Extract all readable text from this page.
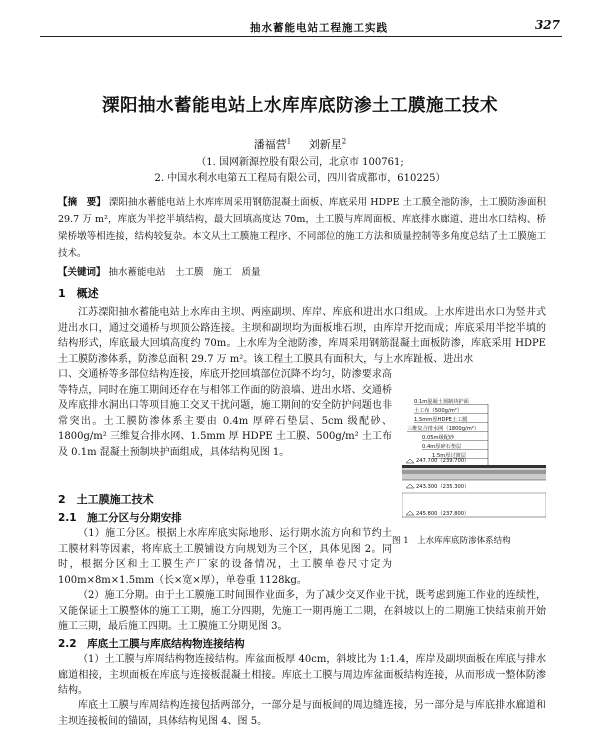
抽水蓄能电站工程施工实践	327
溧阳抽水蓄能电站上水库库底防渗土工膜施工技术
潘福营$^1$ 刘新星$^2$
（1. 国网新源控股有限公司，北京市 100761;
2. 中国水利水电第五工程局有限公司，四川省成都市，610225）
【摘　要】 溧阳抽水蓄能电站上水库库周采用钢筋混凝土面板、库底采用 HDPE 土工膜全池防渗，土工膜防渗面积 29.7 万 m²，库底为半挖半填结构，最大回填高度达 70m，土工膜与库周面板、库底排水廊道、进出水口结构、桥梁桥墩等相连接，结构较复杂。本文从土工膜施工程序、不同部位的施工方法和质量控制等多角度总结了土工膜施工技术。
【关键词】 抽水蓄能电站　土工膜　施工　质量
1　概述
江苏溧阳抽水蓄能电站上水库由主坝、两座副坝、库岸、库底和进出水口组成。上水库进出水口为竖井式进出水口，通过交通桥与坝顶公路连接。主坝和副坝均为面板堆石坝，由库岸开挖而成；库底采用半挖半填的结构形式，库底最大回填高度约 70m。上水库为全池防渗，库周采用钢筋混凝土面板防渗，库底采用 HDPE 土工膜防渗体系，防渗总面积 29.7 万 m²。该工程土工膜具有面积大，与上水库趾板、进出水
口、交通桥等多部位结构连接，库底开挖回填部位沉降不均匀，防渗要求高等特点，同时在施工期间还存在与相邻工作面的防浪墙、进出水塔、交通桥及库底排水洞出口等项目施工交叉干扰问题，施工期间的安全防护问题也非常突出。土工膜防渗体系主要由 0.4m 厚碎石垫层、5cm 级配砂、1800g/m² 三维复合排水网、1.5mm 厚 HDPE 土工膜、500g/m² 土工布及 0.1m 混凝土预制块护面组成，具体结构见图 1。
2　土工膜施工技术
2.1　施工分区与分期安排
（1）施工分区。根据上水库库底实际地形、运行期水流方向和节约土工膜材料等因素，将库底土工膜铺设方向规划为三个区，具体见图 2。同时，根据分区和土工膜生产厂家的设备情况，土工膜单卷尺寸定为 100m×8m×1.5mm（长×宽×厚），单卷重 1128kg。
（2）施工分期。由于土工膜施工时间围作业面多，为了减少交叉作业干扰，既考虑到施工作业的连续性，又能保证土工膜整体的施工工期，施工分四期，先施工一期再施工二期，在斜坡以上的二期施工快结束前开始施工三期，最后施工四期。土工膜施工分期见图 3。
2.2　库底土工膜与库底结构物连接结构
（1）土工膜与库周结构物连接结构。库盆面板厚 40cm，斜坡比为 1:1.4，库岸及副坝面板在库底与排水廊道相接，主坝面板在库底与连接板混凝土相接。库底土工膜与周边库盆面板结构连接，从而形成一整体防渗结构。
库底土工膜与库周结构连接包括两部分，一部分是与面板间的周边缝连接，另一部分是与库底排水廊道和主坝连接板间的锚固，具体结构见图 4、图 5。
0.1m混凝土预制块护面
土工布（500g/m²）
1.5mm厚HDPE土工膜
三维复合排水网（1800g/m²）
0.05m级配砂
0.4m厚碎石垫层
1.5m厚过渡层
247.700（239.700）
243.300（235.300）
245.800（237.800）
图 1　上水库库底防渗体系结构
